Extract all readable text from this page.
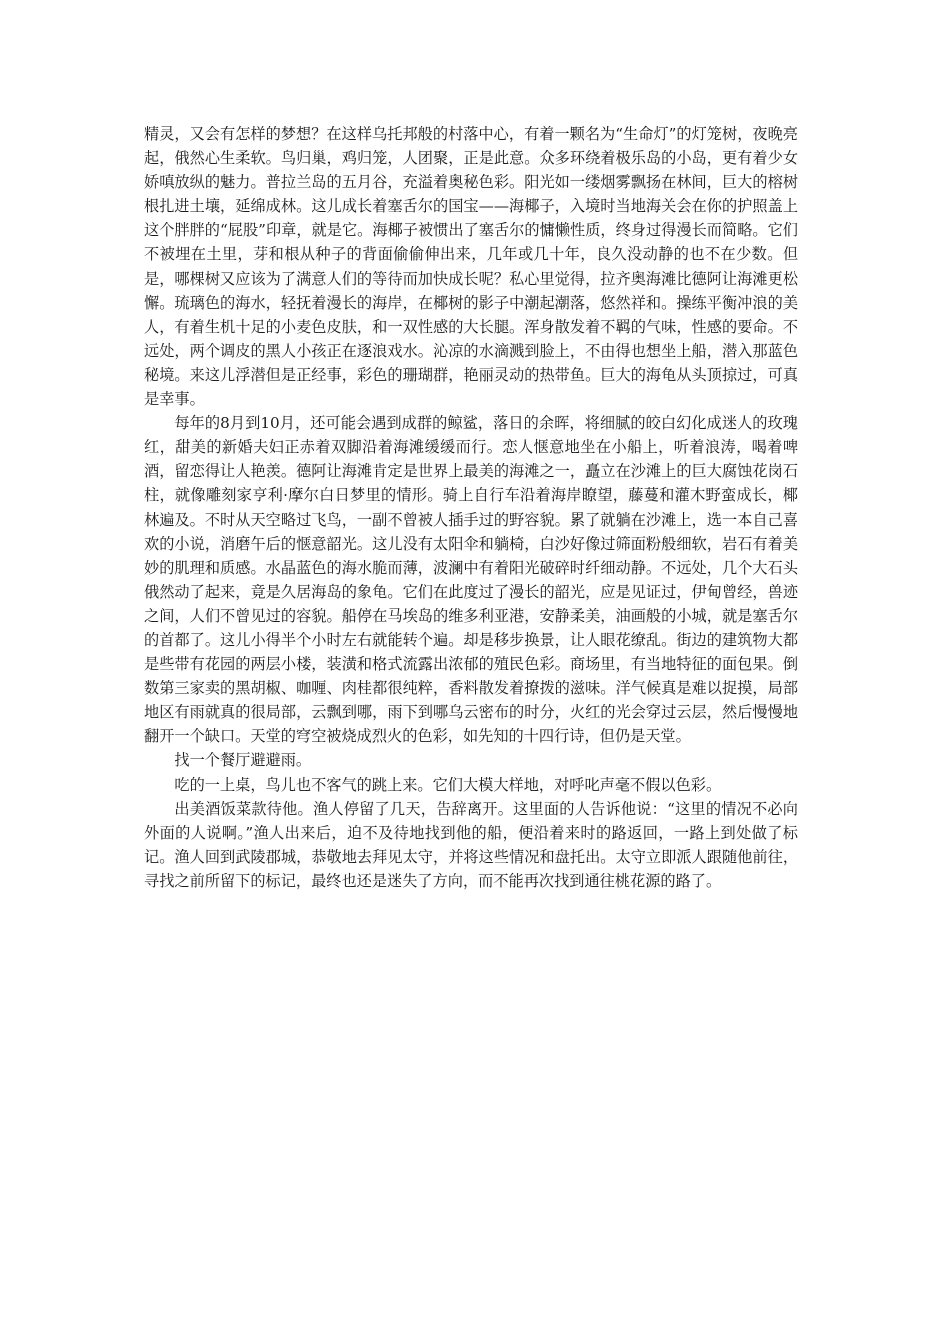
精灵，又会有怎样的梦想？在这样乌托邦般的村落中心，有着一颗名为“生命灯”的灯笼树，夜晚亮起，俄然心生柔软。鸟归巢，鸡归笼，人团聚，正是此意。众多环绕着极乐岛的小岛，更有着少女娇嗔放纵的魅力。普拉兰岛的五月谷，充溢着奥秘色彩。阳光如一缕烟雾飘扬在林间，巨大的榕树根扎进土壤，延绵成林。这儿成长着塞舌尔的国宝——海椰子，入境时当地海关会在你的护照盖上这个胖胖的“屁股”印章，就是它。海椰子被惯出了塞舌尔的慵懒性质，终身过得漫长而简略。它们不被埋在土里，芽和根从种子的背面偷偷伸出来，几年或几十年，良久没动静的也不在少数。但是，哪棵树又应该为了满意人们的等待而加快成长呢？私心里觉得，拉齐奥海滩比德阿让海滩更松懈。琉璃色的海水，轻抚着漫长的海岸，在椰树的影子中潮起潮落，悠然祥和。操练平衡冲浪的美人，有着生机十足的小麦色皮肤，和一双性感的大长腿。浑身散发着不羁的气味，性感的要命。不远处，两个调皮的黑人小孩正在逐浪戏水。沁凉的水滴溅到脸上，不由得也想坐上船，潜入那蓝色秘境。来这儿浮潜但是正经事，彩色的珊瑚群，艳丽灵动的热带鱼。巨大的海龟从头顶掠过，可真是幸事。

每年的8月到10月，还可能会遇到成群的鲸鲨，落日的余晖，将细腻的皎白幻化成迷人的玫瑰红，甜美的新婚夫妇正赤着双脚沿着海滩缓缓而行。恋人惬意地坐在小船上，听着浪涛，喝着啤酒，留恋得让人艳羡。德阿让海滩肯定是世界上最美的海滩之一，矗立在沙滩上的巨大腐蚀花岗石柱，就像雕刻家亨利·摩尔白日梦里的情形。骑上自行车沿着海岸瞭望，藤蔓和灌木野蛮成长，椰林遍及。不时从天空略过飞鸟，一副不曾被人插手过的野容貌。累了就躺在沙滩上，选一本自己喜欢的小说，消磨午后的惬意韶光。这儿没有太阳伞和躺椅，白沙好像过筛面粉般细软，岩石有着美妙的肌理和质感。水晶蓝色的海水脆而薄，波澜中有着阳光破碎时纤细动静。不远处，几个大石头俄然动了起来，竟是久居海岛的象龟。它们在此度过了漫长的韶光，应是见证过，伊甸曾经，兽迹之间，人们不曾见过的容貌。船停在马埃岛的维多利亚港，安静柔美，油画般的小城，就是塞舌尔的首都了。这儿小得半个小时左右就能转个遍。却是移步换景，让人眼花缭乱。街边的建筑物大都是些带有花园的两层小楼，装潢和格式流露出浓郁的殖民色彩。商场里，有当地特征的面包果。倒数第三家卖的黑胡椒、咖喱、肉桂都很纯粹，香料散发着撩拨的滋味。洋气候真是难以捉摸，局部地区有雨就真的很局部，云飘到哪，雨下到哪乌云密布的时分，火红的光会穿过云层，然后慢慢地翻开一个缺口。天堂的穹空被烧成烈火的色彩，如先知的十四行诗，但仍是天堂。

找一个餐厅避避雨。

吃的一上桌，鸟儿也不客气的跳上来。它们大模大样地，对呼叱声毫不假以色彩。

出美酒饭菜款待他。渔人停留了几天，告辞离开。这里面的人告诉他说：“这里的情况不必向外面的人说啊。”渔人出来后，迫不及待地找到他的船，便沿着来时的路返回，一路上到处做了标记。渔人回到武陵郡城，恭敬地去拜见太守，并将这些情况和盘托出。太守立即派人跟随他前往，寻找之前所留下的标记，最终也还是迷失了方向，而不能再次找到通往桃花源的路了。
